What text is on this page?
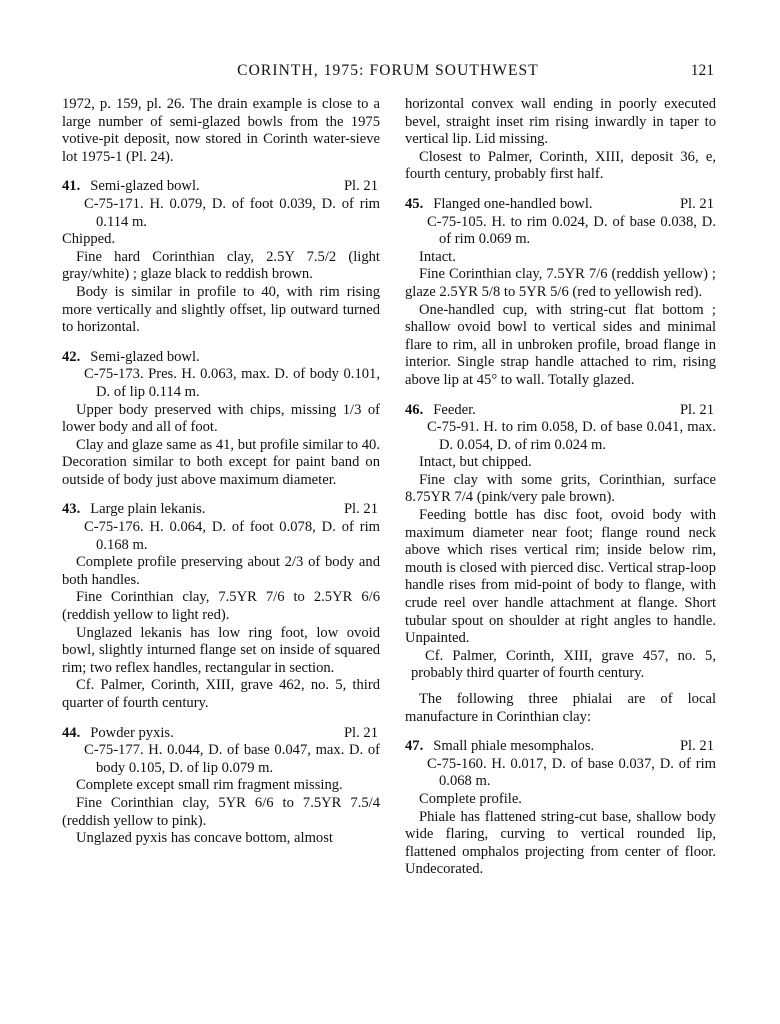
CORINTH, 1975: FORUM SOUTHWEST	121

1972, p. 159, pl. 26. The drain example is close to a large number of semi-glazed bowls from the 1975 votive-pit deposit, now stored in Corinth water-sieve lot 1975-1 (Pl. 24).

41. Semi-glazed bowl.	Pl. 21

C-75-171. H. 0.079, D. of foot 0.039, D. of rim 0.114 m.

Chipped.

Fine hard Corinthian clay, 2.5Y 7.5/2 (light gray/white) ; glaze black to reddish brown.

Body is similar in profile to 40, with rim rising more vertically and slightly offset, lip outward turned to horizontal.

42. Semi-glazed bowl.

C-75-173. Pres. H. 0.063, max. D. of body 0.101, D. of lip 0.114 m.

Upper body preserved with chips, missing 1/3 of lower body and all of foot.

Clay and glaze same as 41, but profile similar to 40. Decoration similar to both except for paint band on outside of body just above maximum diameter.

43. Large plain lekanis.	Pl. 21

C-75-176. H. 0.064, D. of foot 0.078, D. of rim 0.168 m.

Complete profile preserving about 2/3 of body and both handles.

Fine Corinthian clay, 7.5YR 7/6 to 2.5YR 6/6 (reddish yellow to light red).

Unglazed lekanis has low ring foot, low ovoid bowl, slightly inturned flange set on inside of squared rim; two reflex handles, rectangular in section.

Cf. Palmer, Corinth, XIII, grave 462, no. 5, third quarter of fourth century.

44. Powder pyxis.	Pl. 21

C-75-177. H. 0.044, D. of base 0.047, max. D. of body 0.105, D. of lip 0.079 m.

Complete except small rim fragment missing.

Fine Corinthian clay, 5YR 6/6 to 7.5YR 7.5/4 (reddish yellow to pink).

Unglazed pyxis has concave bottom, almost

horizontal convex wall ending in poorly executed bevel, straight inset rim rising inwardly in taper to vertical lip. Lid missing.

Closest to Palmer, Corinth, XIII, deposit 36, e, fourth century, probably first half.

45. Flanged one-handled bowl.	Pl. 21

C-75-105. H. to rim 0.024, D. of base 0.038, D. of rim 0.069 m.

Intact.

Fine Corinthian clay, 7.5YR 7/6 (reddish yellow) ; glaze 2.5YR 5/8 to 5YR 5/6 (red to yellowish red).

One-handled cup, with string-cut flat bottom ; shallow ovoid bowl to vertical sides and minimal flare to rim, all in unbroken profile, broad flange in interior. Single strap handle attached to rim, rising above lip at 45° to wall. Totally glazed.

46. Feeder.	Pl. 21

C-75-91. H. to rim 0.058, D. of base 0.041, max. D. 0.054, D. of rim 0.024 m.

Intact, but chipped.

Fine clay with some grits, Corinthian, surface 8.75YR 7/4 (pink/very pale brown).

Feeding bottle has disc foot, ovoid body with maximum diameter near foot; flange round neck above which rises vertical rim; inside below rim, mouth is closed with pierced disc. Vertical strap-loop handle rises from mid-point of body to flange, with crude reel over handle attachment at flange. Short tubular spout on shoulder at right angles to handle. Unpainted.

Cf. Palmer, Corinth, XIII, grave 457, no. 5, probably third quarter of fourth century.

The following three phialai are of local manufacture in Corinthian clay:

47. Small phiale mesomphalos.	Pl. 21

C-75-160. H. 0.017, D. of base 0.037, D. of rim 0.068 m.

Complete profile.

Phiale has flattened string-cut base, shallow body wide flaring, curving to vertical rounded lip, flattened omphalos projecting from center of floor. Undecorated.
